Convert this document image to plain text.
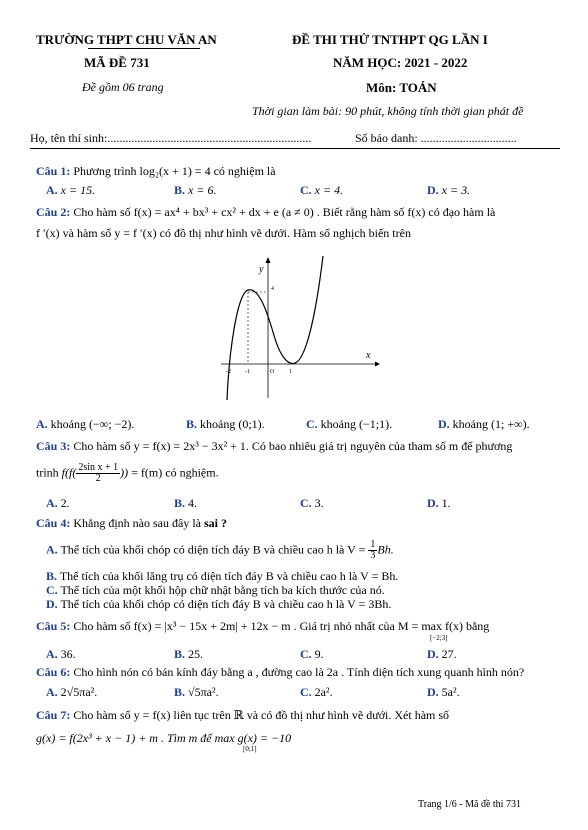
TRƯỜNG THPT CHU VĂN AN	ĐỀ THI THỬ TNTHPT QG LẦN I
MÃ ĐỀ 731	NĂM HỌC: 2021 - 2022
Đề gồm 06 trang	Môn: TOÁN
Thời gian làm bài: 90 phút, không tính thời gian phát đề
Họ, tên thí sinh:....................................................................	Số báo danh: ................................
Câu 1: Phương trình log₂(x + 1) = 4 có nghiệm là
A. x = 15.	B. x = 6.	C. x = 4.	D. x = 3.
Câu 2: Cho hàm số f(x) = ax⁴ + bx³ + cx² + dx + e (a ≠ 0) . Biết rằng hàm số f(x) có đạo hàm là
f ′(x) và hàm số y = f ′(x) có đồ thị như hình vẽ dưới. Hàm số nghịch biến trên
y
x
4
-2 -1	O 1
A. khoảng (−∞; −2).	B. khoảng (0;1).	C. khoảng (−1;1).	D. khoảng (1; +∞).
Câu 3: Cho hàm số y = f(x) = 2x³ − 3x² + 1. Có bao nhiêu giá trị nguyên của tham số m để phương
trình $f(f( \frac{\text{2sin x + 1}}{2}$ )) = f(m) có nghiệm.
A. 2.	B. 4.	C. 3.	D. 1.
Câu 4: Khẳng định nào sau đây là sai ?
A. Thể tích của khối chóp có diện tích đáy B và chiều cao h là $V = \frac{1}{3} Bh$.
B. Thể tích của khối lăng trụ có diện tích đáy B và chiều cao h là V = Bh.
C. Thể tích của một khối hộp chữ nhật bằng tích ba kích thước của nó.
D. Thể tích của khối chóp có diện tích đáy B và chiều cao h là V = 3Bh.
Câu 5: Cho hàm số f(x) = |x³ − 15x + 2m| + 12x − m . Giá trị nhỏ nhất của M = max f(x) bằng
[−2;3]
A. 36.	B. 25.	C. 9.	D. 27.
Câu 6: Cho hình nón có bán kính đáy bằng a , đường cao là 2a . Tính diện tích xung quanh hình nón?
A. 2√5πa².	B. √5πa².	C. 2a².	D. 5a².
Câu 7: Cho hàm số y = f(x) liên tục trên ℝ và có đồ thị như hình vẽ dưới. Xét hàm số
g(x) = f(2x³ + x − 1) + m . Tìm m để max g(x) = −10
[0;1]
Trang 1/6 - Mã đề thi 731
